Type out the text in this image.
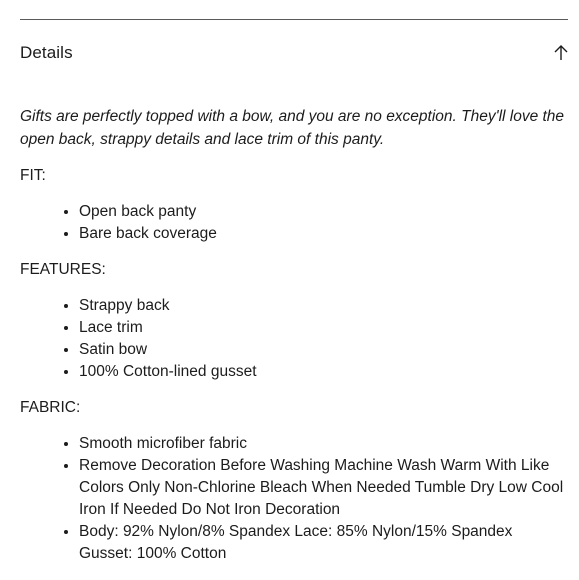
Details

Gifts are perfectly topped with a bow, and you are no exception. They'll love the open back, strappy details and lace trim of this panty.

FIT:

• Open back panty
• Bare back coverage

FEATURES:

• Strappy back
• Lace trim
• Satin bow
• 100% Cotton-lined gusset

FABRIC:

• Smooth microfiber fabric
• Remove Decoration Before Washing Machine Wash Warm With Like Colors Only Non-Chlorine Bleach When Needed Tumble Dry Low Cool Iron If Needed Do Not Iron Decoration
• Body: 92% Nylon/8% Spandex Lace: 85% Nylon/15% Spandex Gusset: 100% Cotton
